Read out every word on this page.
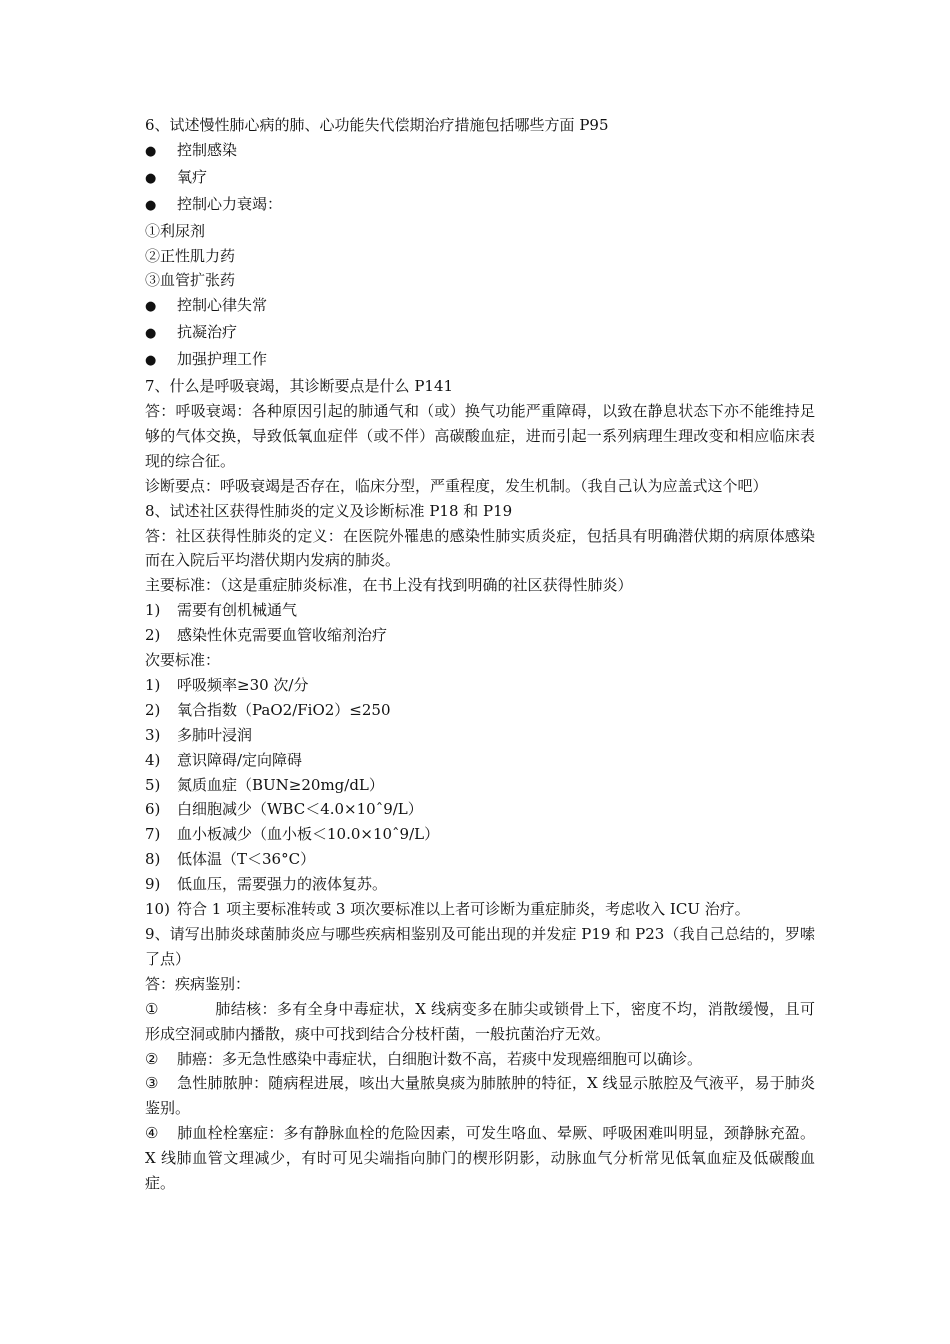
6、试述慢性肺心病的肺、心功能失代偿期治疗措施包括哪些方面 P95
●	控制感染
●	氧疗
●	控制心力衰竭：
①利尿剂
②正性肌力药
③血管扩张药
●	控制心律失常
●	抗凝治疗
●	加强护理工作
7、什么是呼吸衰竭，其诊断要点是什么 P141
答：呼吸衰竭：各种原因引起的肺通气和（或）换气功能严重障碍，以致在静息状态下亦不能维持足够的气体交换，导致低氧血症伴（或不伴）高碳酸血症，进而引起一系列病理生理改变和相应临床表现的综合征。
诊断要点：呼吸衰竭是否存在，临床分型，严重程度，发生机制。（我自己认为应盖式这个吧）
8、试述社区获得性肺炎的定义及诊断标准 P18 和 P19
答：社区获得性肺炎的定义：在医院外罹患的感染性肺实质炎症，包括具有明确潜伏期的病原体感染而在入院后平均潜伏期内发病的肺炎。
主要标准：（这是重症肺炎标准，在书上没有找到明确的社区获得性肺炎）
1)	需要有创机械通气
2)	感染性休克需要血管收缩剂治疗
次要标准：
1)	呼吸频率≥30 次/分
2)	氧合指数（PaO2/FiO2）≤250
3)	多肺叶浸润
4)	意识障碍/定向障碍
5)	氮质血症（BUN≥20mg/dL）
6)	白细胞减少（WBC＜4.0×10ˆ9/L）
7)	血小板减少（血小板＜10.0×10ˆ9/L）
8)	低体温（T＜36°C）
9)	低血压，需要强力的液体复苏。
10) 符合 1 项主要标准转或 3 项次要标准以上者可诊断为重症肺炎，考虑收入 ICU 治疗。
9、请写出肺炎球菌肺炎应与哪些疾病相鉴别及可能出现的并发症 P19 和 P23（我自己总结的，罗嗦了点）
答：疾病鉴别：
①	肺结核：多有全身中毒症状，X 线病变多在肺尖或锁骨上下，密度不均，消散缓慢，且可形成空洞或肺内播散，痰中可找到结合分枝杆菌，一般抗菌治疗无效。
② 肺癌：多无急性感染中毒症状，白细胞计数不高，若痰中发现癌细胞可以确诊。
③ 急性肺脓肿：随病程进展，咳出大量脓臭痰为肺脓肿的特征，X 线显示脓腔及气液平，易于肺炎鉴别。
④ 肺血栓栓塞症：多有静脉血栓的危险因素，可发生咯血、晕厥、呼吸困难叫明显，颈静脉充盈。X 线肺血管文理减少，有时可见尖端指向肺门的楔形阴影，动脉血气分析常见低氧血症及低碳酸血症。
